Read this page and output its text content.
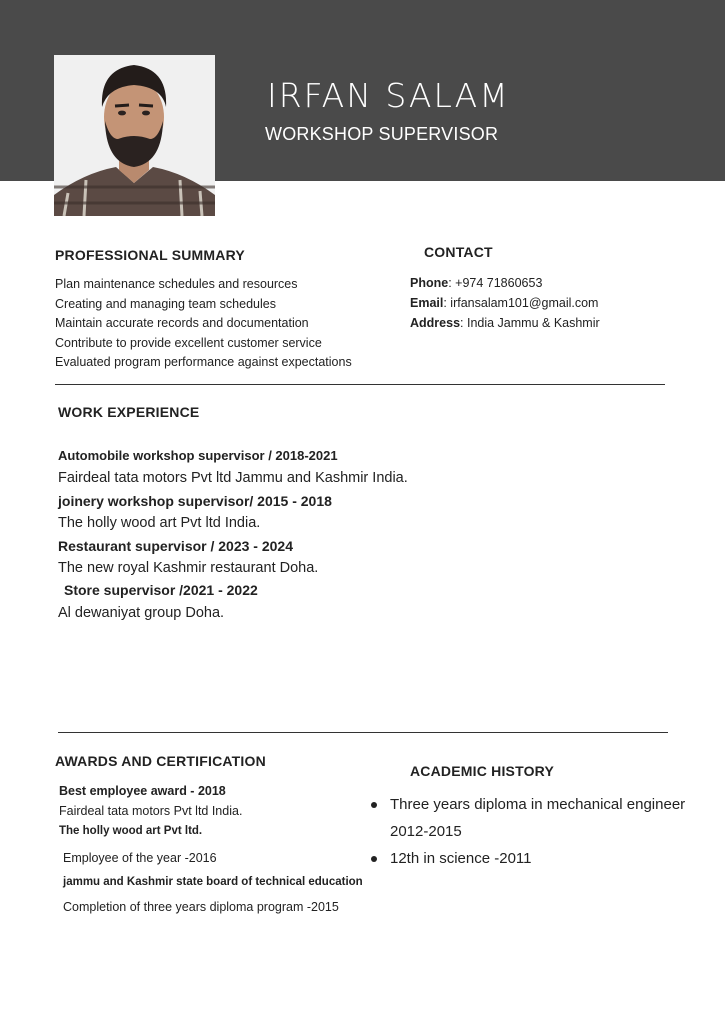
IRFAN SALAM
WORKSHOP SUPERVISOR
PROFESSIONAL SUMMARY
Plan maintenance schedules and resources
Creating and managing team schedules
Maintain accurate records and documentation
Contribute to provide excellent customer service
Evaluated program performance against expectations
CONTACT
Phone: +974 71860653
Email: irfansalam101@gmail.com
Address: India Jammu & Kashmir
WORK EXPERIENCE
Automobile workshop supervisor / 2018-2021
Fairdeal tata motors Pvt ltd Jammu and Kashmir India.
joinery workshop supervisor/ 2015 - 2018
The holly wood art Pvt ltd India.
Restaurant supervisor / 2023 - 2024
The new royal Kashmir restaurant Doha.
Store supervisor /2021 - 2022
Al dewaniyat group Doha.
AWARDS AND CERTIFICATION
Best employee award - 2018
Fairdeal tata motors Pvt ltd India.
The holly wood art Pvt ltd.
Employee of the year -2016
jammu and Kashmir state board of technical education
Completion of three years diploma program -2015
ACADEMIC HISTORY
Three years diploma in mechanical engineer
2012-2015
12th in science -2011
